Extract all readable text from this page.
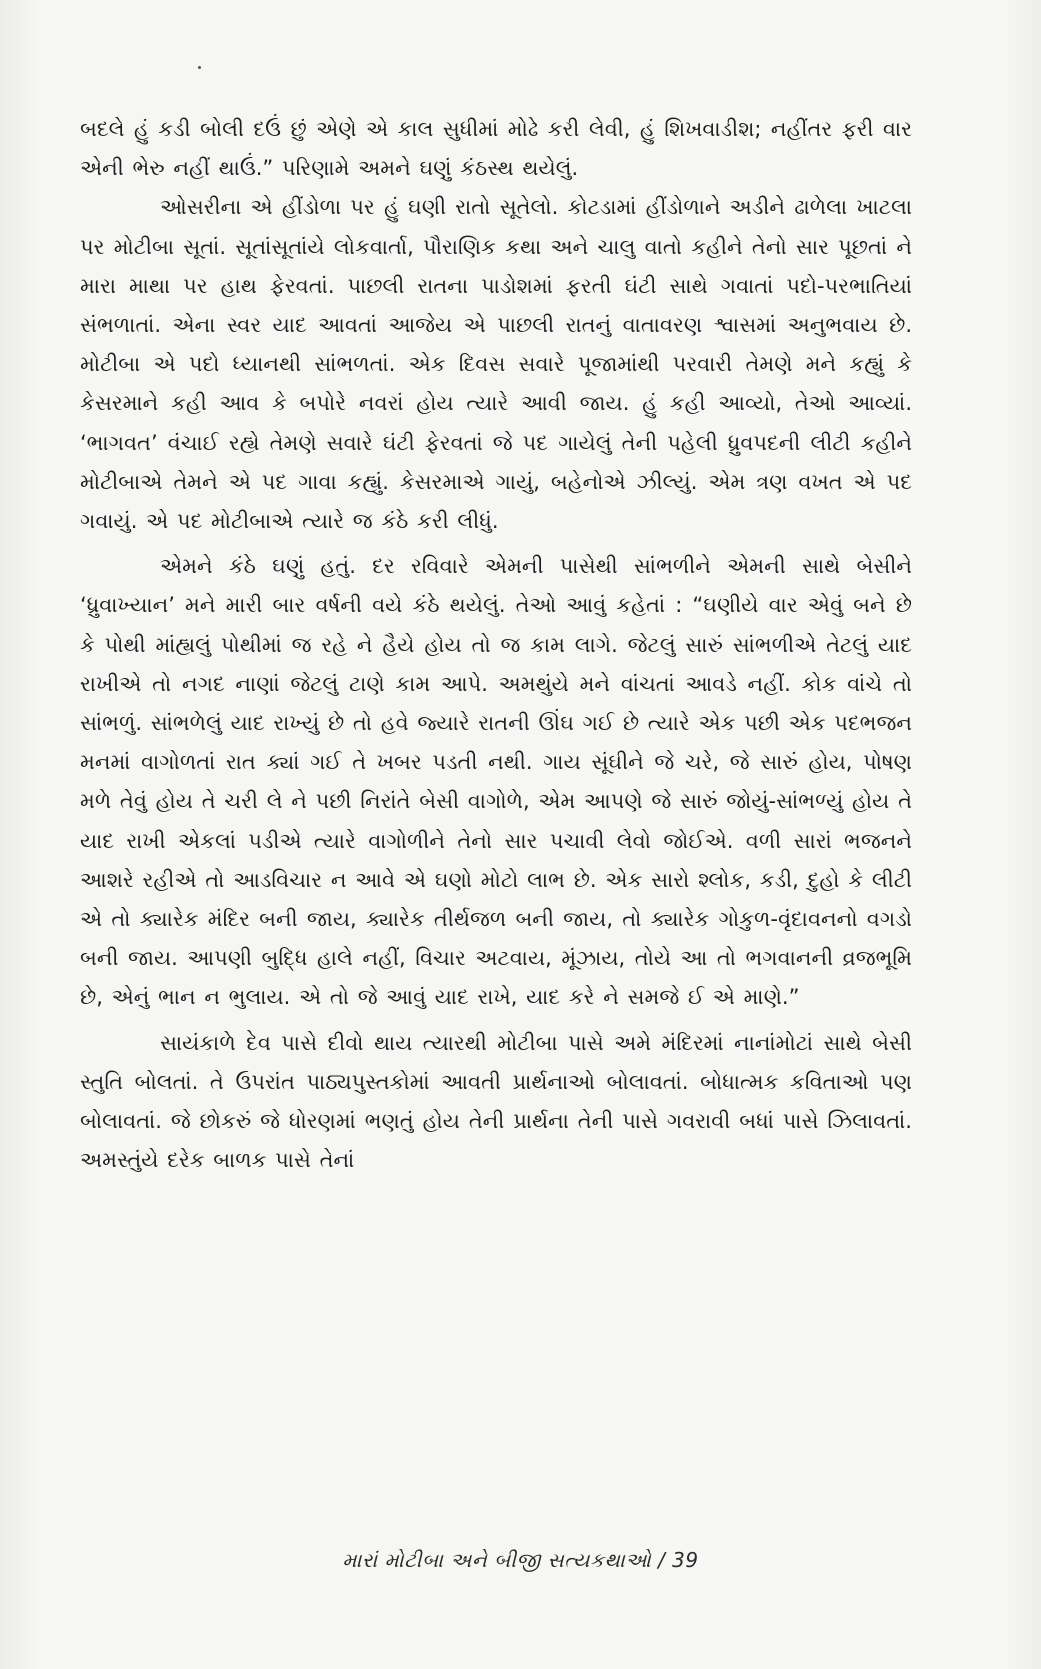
બદલે હું કડી બોલી દઉં છું એણે એ કાલ સુધીમાં મોઢે કરી લેવી, હું શિખવાડીશ; નહીંતર ફરી વાર એની ભેરુ નહીં થાઉં.” પરિણામે અમને ઘણું કંઠસ્થ થયેલું.

ઓસરીના એ હીંડોળા પર હું ઘણી રાતો સૂતેલો. કોટડામાં હીંડોળાને અડીને ઢાળેલા ખાટલા પર મોટીબા સૂતાં. સૂતાંસૂતાંયે લોકવાર્તા, પૌરાણિક કથા અને ચાલુ વાતો કહીને તેનો સાર પૂછતાં ને મારા માથા પર હાથ ફેરવતાં. પાછલી રાતના પાડોશમાં ફરતી ઘંટી સાથે ગવાતાં પદો-પરભાતિયાં સંભળાતાં. એના સ્વર યાદ આવતાં આજેય એ પાછલી રાતનું વાતાવરણ શ્વાસમાં અનુભવાય છે. મોટીબા એ પદો ધ્યાનથી સાંભળતાં. એક દિવસ સવારે પૂજામાંથી પરવારી તેમણે મને કહ્યું કે કેસરમાને કહી આવ કે બપોરે નવરાં હોય ત્યારે આવી જાય. હું કહી આવ્યો, તેઓ આવ્યાં. ‘ભાગવત’ વંચાઈ રહ્યે તેમણે સવારે ઘંટી ફેરવતાં જે પદ ગાયેલું તેની પહેલી ધ્રુવપદની લીટી કહીને મોટીબાએ તેમને એ પદ ગાવા કહ્યું. કેસરમાએ ગાયું, બહેનોએ ઝીલ્યું. એમ ત્રણ વખત એ પદ ગવાયું. એ પદ મોટીબાએ ત્યારે જ કંઠે કરી લીધું.

એમને કંઠે ઘણું હતું. દર રવિવારે એમની પાસેથી સાંભળીને એમની સાથે બેસીને ‘ધ્રુવાખ્યાન’ મને મારી બાર વર્ષની વયે કંઠે થયેલું. તેઓ આવું કહેતાં : “ઘણીયે વાર એવું બને છે કે પોથી માંહ્યલું પોથીમાં જ રહે ને હૈયે હોય તો જ કામ લાગે. જેટલું સારું સાંભળીએ તેટલું યાદ રાખીએ તો નગદ નાણાં જેટલું ટાણે કામ આપે. અમથુંયે મને વાંચતાં આવડે નહીં. કોક વાંચે તો સાંભળું. સાંભળેલું યાદ રાખ્યું છે તો હવે જ્યારે રાતની ઊંઘ ગઈ છે ત્યારે એક પછી એક પદભજન મનમાં વાગોળતાં રાત ક્યાં ગઈ તે ખબર પડતી નથી. ગાય સૂંઘીને જે ચરે, જે સારું હોય, પોષણ મળે તેવું હોય તે ચરી લે ને પછી નિરાંતે બેસી વાગોળે, એમ આપણે જે સારું જોયું-સાંભળ્યું હોય તે યાદ રાખી એકલાં પડીએ ત્યારે વાગોળીને તેનો સાર પચાવી લેવો જોઈએ. વળી સારાં ભજનને આશરે રહીએ તો આડવિચાર ન આવે એ ઘણો મોટો લાભ છે. એક સારો શ્લોક, કડી, દુહો કે લીટી એ તો ક્યારેક મંદિર બની જાય, ક્યારેક તીર્થજળ બની જાય, તો ક્યારેક ગોકુળ-વૃંદાવનનો વગડો બની જાય. આપણી બુદ્ધિ હાલે નહીં, વિચાર અટવાય, મૂંઝાય, તોયે આ તો ભગવાનની વ્રજભૂમિ છે, એનું ભાન ન ભુલાય. એ તો જે આવું યાદ રાખે, યાદ કરે ને સમજે ઈ એ માણે.”

સાયંકાળે દેવ પાસે દીવો થાય ત્યારથી મોટીબા પાસે અમે મંદિરમાં નાનાંમોટાં સાથે બેસી સ્તુતિ બોલતાં. તે ઉપરાંત પાઠ્યપુસ્તકોમાં આવતી પ્રાર્થનાઓ બોલાવતાં. બોધાત્મક કવિતાઓ પણ બોલાવતાં. જે છોકરું જે ધોરણમાં ભણતું હોય તેની પ્રાર્થના તેની પાસે ગવરાવી બધાં પાસે ઝિલાવતાં. અમસ્તુંયે દરેક બાળક પાસે તેનાં

મારાં મોટીબા અને બીજી સત્યકથાઓ / 39
